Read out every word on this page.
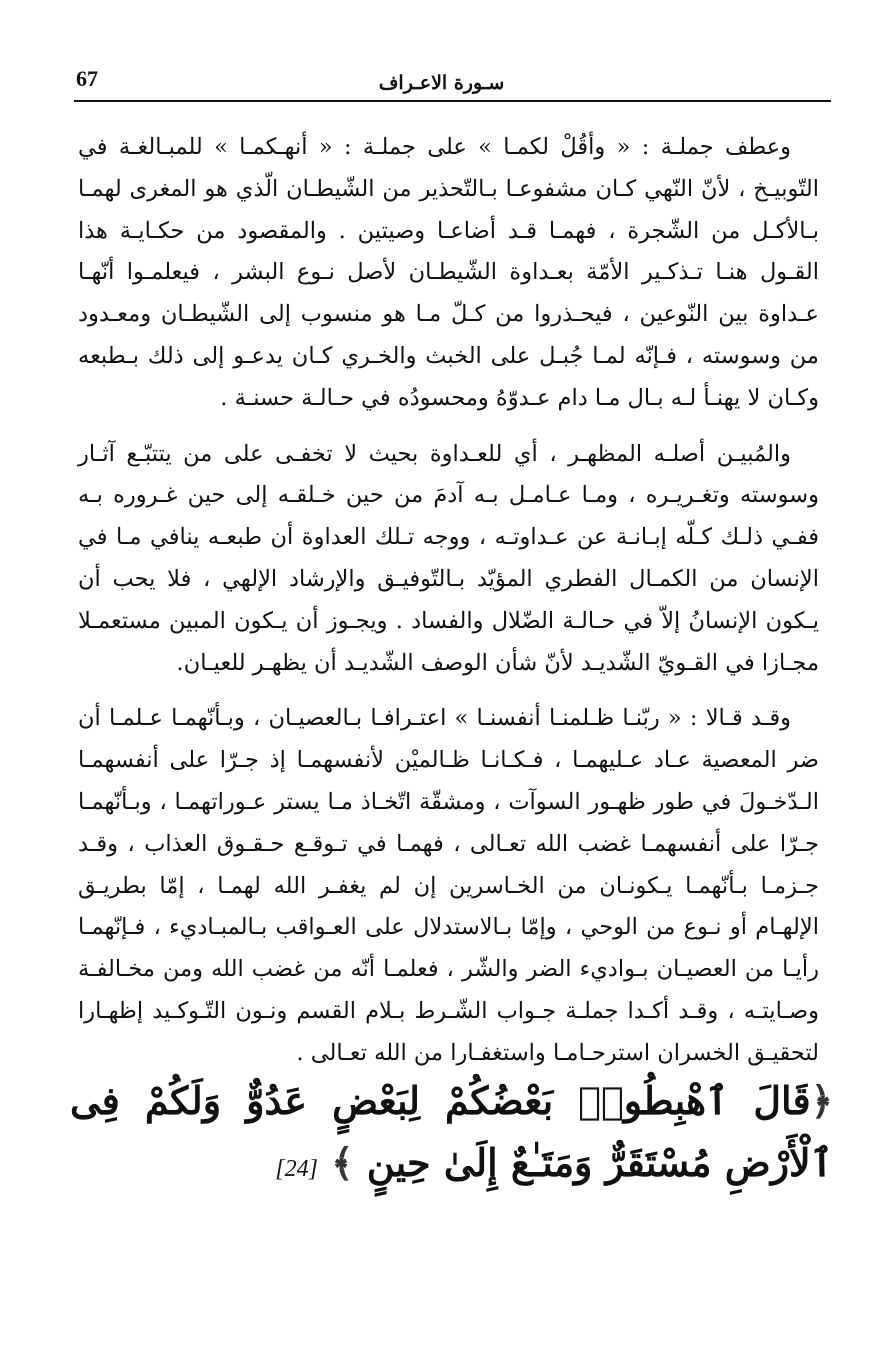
67	سـورة الاعـراف

وعطف جملـة : « وأقُلْ لكمـا » على جملـة : « أنهـكمـا » للمبـالغـة في التّوبيـخ ، لأنّ النّهي كـان مشفوعـا بـالتّحذير من الشّيطـان الّذي هو المغرى لهمـا بـالأكـل من الشّجرة ، فهمـا قـد أضاعـا وصيتين . والمقصود من حكـايـة هذا القـول هنـا تـذكـير الأمّة بعـداوة الشّيطـان لأصل نـوع البشر ، فيعلمـوا أنّهـا عـداوة بين النّوعين ، فيحـذروا من كـلّ مـا هو منسوب إلى الشّيطـان ومعـدود من وسوسته ، فـإنّه لمـا جُبـل على الخبث والخـري كـان يدعـو إلى ذلك بـطبعه وكـان لا يهنـأ لـه بـال مـا دام عـدوّهُ ومحسودُه في حـالـة حسنـة .

والمُبيـن أصلـه المظهـر ، أي للعـداوة بحيث لا تخفـى على من يتتبّـع آثـار وسوسته وتغـريـره ، ومـا عـامـل بـه آدمَ من حين خـلقـه إلى حين غـروره بـه ففـي ذلـك كـلّه إبـانـة عن عـداوتـه ، ووجه تـلك العداوة أن طبعـه ينافي مـا في الإنسان من الكمـال الفطري المؤيّد بـالتّوفيـق والإرشاد الإلهي ، فلا يحب أن يـكون الإنسانُ إلاّ في حـالـة الضّلال والفساد . ويجـوز أن يـكون المبين مستعمـلا مجـازا في القـويّ الشّديـد لأنّ شأن الوصف الشّديـد أن يظهـر للعيـان.

وقـد قـالا : « ربّنـا ظـلمنـا أنفسنـا » اعتـرافـا بـالعصيـان ، وبـأنّهمـا عـلمـا أن ضر المعصية عـاد عـليهمـا ، فـكـانـا ظـالميْن لأنفسهمـا إذ جـرّا على أنفسهمـا الـدّخـولَ في طور ظهـور السوآت ، ومشقّة اتّخـاذ مـا يستر عـوراتهمـا ، وبـأنّهمـا جـرّا على أنفسهمـا غضب الله تعـالى ، فهمـا في تـوقـع حـقـوق العذاب ، وقـد جـزمـا بـأنّهمـا يـكونـان من الخـاسرين إن لم يغفـر الله لهمـا ، إمّا بطريـق الإلهـام أو نـوع من الوحي ، وإمّا بـالاستدلال على العـواقب بـالمبـاديء ، فـإنّهمـا رأيـا من العصيـان بـواديء الضر والشّر ، فعلمـا أنّه من غضب الله ومن مخـالفـة وصـايتـه ، وقـد أكـدا جملـة جـواب الشّـرط بـلام القسم ونـون التّـوكـيد إظهـارا لتحقيـق الخسران استرحـامـا واستغفـارا من الله تعـالى .

﴿قَالَ ٱهْبِطُوا۟ بَعْضُكُمْ لِبَعْضٍ عَدُوٌّ وَلَكُمْ فِى ٱلْأَرْضِ مُسْتَقَرٌّ وَمَتَـٰعٌ إِلَىٰ حِينٍ ﴾ [24]
